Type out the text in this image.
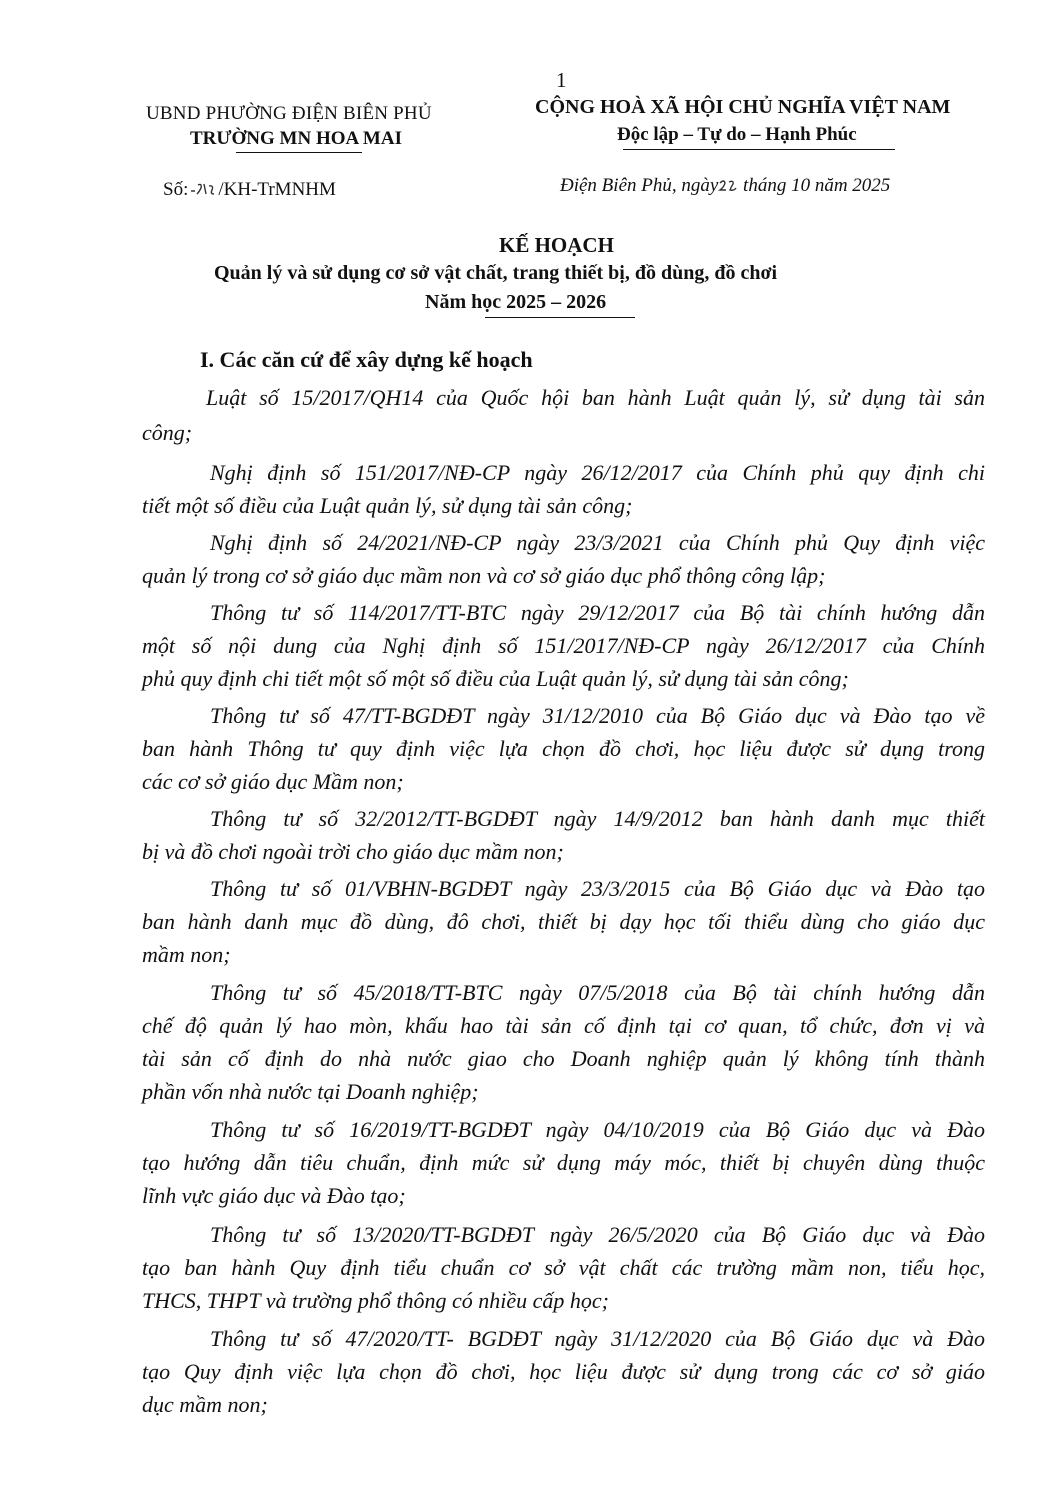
1
UBND PHƯỜNG ĐIỆN BIÊN PHỦ
TRƯỜNG MN HOA MAI
CỘNG HOÀ XÃ HỘI CHỦ NGHĨA VIỆT NAM
Độc lập – Tự do – Hạnh Phúc
Số: /KH-TrMNHM	Điện Biên Phủ, ngày tháng 10 năm 2025
KẾ HOẠCH
Quản lý và sử dụng cơ sở vật chất, trang thiết bị, đồ dùng, đồ chơi
Năm học 2025 – 2026
I. Các căn cứ để xây dựng kế hoạch
Luật số 15/2017/QH14 của Quốc hội ban hành Luật quản lý, sử dụng tài sản
công;
Nghị định số 151/2017/NĐ-CP ngày 26/12/2017 của Chính phủ quy định chi
tiết một số điều của Luật quản lý, sử dụng tài sản công;
Nghị định số 24/2021/NĐ-CP ngày 23/3/2021 của Chính phủ Quy định việc
quản lý trong cơ sở giáo dục mầm non và cơ sở giáo dục phổ thông công lập;
Thông tư số 114/2017/TT-BTC ngày 29/12/2017 của Bộ tài chính hướng dẫn
một số nội dung của Nghị định số 151/2017/NĐ-CP ngày 26/12/2017 của Chính
phủ quy định chi tiết một số một số điều của Luật quản lý, sử dụng tài sản công;
Thông tư số 47/TT-BGDĐT ngày 31/12/2010 của Bộ Giáo dục và Đào tạo về
ban hành Thông tư quy định việc lựa chọn đồ chơi, học liệu được sử dụng trong
các cơ sở giáo dục Mầm non;
Thông tư số 32/2012/TT-BGDĐT ngày 14/9/2012 ban hành danh mục thiết
bị và đồ chơi ngoài trời cho giáo dục mầm non;
Thông tư số 01/VBHN-BGDĐT ngày 23/3/2015 của Bộ Giáo dục và Đào tạo
ban hành danh mục đồ dùng, đô chơi, thiết bị dạy học tối thiểu dùng cho giáo dục
mầm non;
Thông tư số 45/2018/TT-BTC ngày 07/5/2018 của Bộ tài chính hướng dẫn
chế độ quản lý hao mòn, khấu hao tài sản cố định tại cơ quan, tổ chức, đơn vị và
tài sản cố định do nhà nước giao cho Doanh nghiệp quản lý không tính thành
phần vốn nhà nước tại Doanh nghiệp;
Thông tư số 16/2019/TT-BGDĐT ngày 04/10/2019 của Bộ Giáo dục và Đào
tạo hướng dẫn tiêu chuẩn, định mức sử dụng máy móc, thiết bị chuyên dùng thuộc
lĩnh vực giáo dục và Đào tạo;
Thông tư số 13/2020/TT-BGDĐT ngày 26/5/2020 của Bộ Giáo dục và Đào
tạo ban hành Quy định tiểu chuẩn cơ sở vật chất các trường mầm non, tiểu học,
THCS, THPT và trường phổ thông có nhiều cấp học;
Thông tư số 47/2020/TT- BGDĐT ngày 31/12/2020 của Bộ Giáo dục và Đào
tạo Quy định việc lựa chọn đồ chơi, học liệu được sử dụng trong các cơ sở giáo
dục mầm non;
